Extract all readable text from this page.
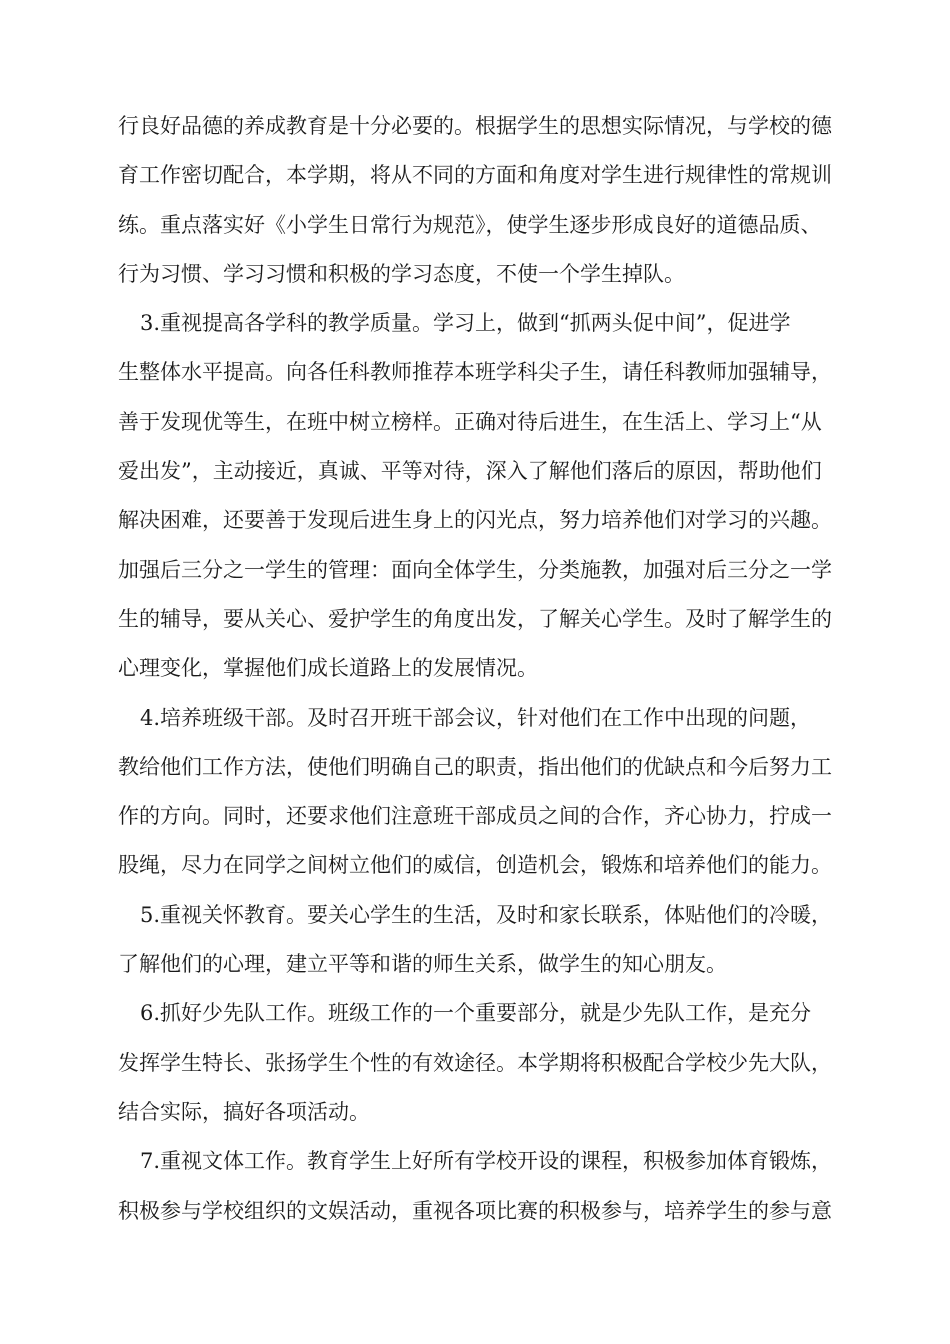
行良好品德的养成教育是十分必要的。根据学生的思想实际情况，与学校的德
育工作密切配合，本学期，将从不同的方面和角度对学生进行规律性的常规训
练。重点落实好《小学生日常行为规范》，使学生逐步形成良好的道德品质、
行为习惯、学习习惯和积极的学习态度，不使一个学生掉队。
3.重视提高各学科的教学质量。学习上，做到“抓两头促中间”，促进学
生整体水平提高。向各任科教师推荐本班学科尖子生，请任科教师加强辅导，
善于发现优等生，在班中树立榜样。正确对待后进生，在生活上、学习上“从
爱出发”，主动接近，真诚、平等对待，深入了解他们落后的原因，帮助他们
解决困难，还要善于发现后进生身上的闪光点，努力培养他们对学习的兴趣。
加强后三分之一学生的管理：面向全体学生，分类施教，加强对后三分之一学
生的辅导，要从关心、爱护学生的角度出发，了解关心学生。及时了解学生的
心理变化，掌握他们成长道路上的发展情况。
4.培养班级干部。及时召开班干部会议，针对他们在工作中出现的问题，
教给他们工作方法，使他们明确自己的职责，指出他们的优缺点和今后努力工
作的方向。同时，还要求他们注意班干部成员之间的合作，齐心协力，拧成一
股绳，尽力在同学之间树立他们的威信，创造机会，锻炼和培养他们的能力。
5.重视关怀教育。要关心学生的生活，及时和家长联系，体贴他们的冷暖，
了解他们的心理，建立平等和谐的师生关系，做学生的知心朋友。
6.抓好少先队工作。班级工作的一个重要部分，就是少先队工作，是充分
发挥学生特长、张扬学生个性的有效途径。本学期将积极配合学校少先大队，
结合实际，搞好各项活动。
7.重视文体工作。教育学生上好所有学校开设的课程，积极参加体育锻炼，
积极参与学校组织的文娱活动，重视各项比赛的积极参与，培养学生的参与意
